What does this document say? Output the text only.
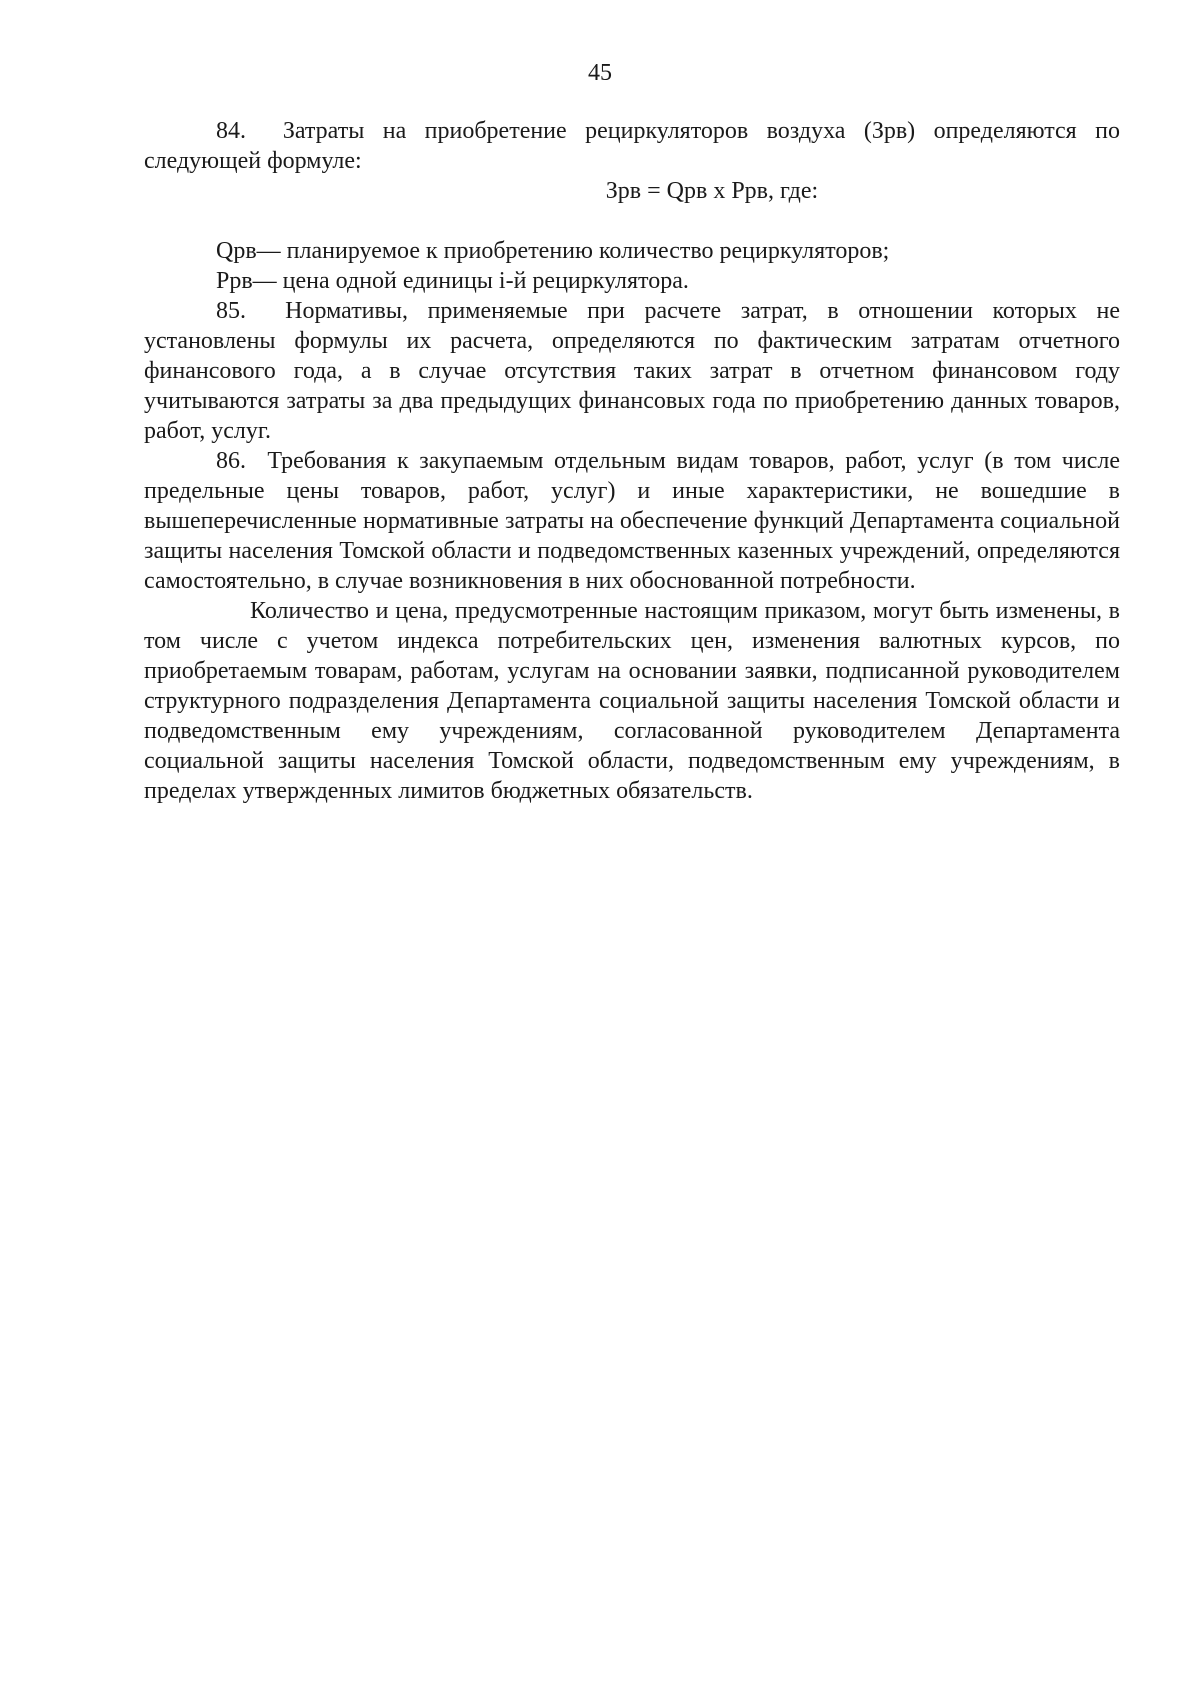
45

84.  Затраты на приобретение рециркуляторов воздуха (Зрв) определяются по следующей формуле:

Зрв = Qрв х Ррв, где:

Qрв— планируемое к приобретению количество рециркуляторов;
Ррв— цена одной единицы i-й рециркулятора.

85.  Нормативы, применяемые при расчете затрат, в отношении которых не установлены формулы их расчета, определяются по фактическим затратам отчетного финансового года, а в случае отсутствия таких затрат в отчетном финансовом году учитываются затраты за два предыдущих финансовых года по приобретению данных товаров, работ, услуг.

86.  Требования к закупаемым отдельным видам товаров, работ, услуг (в том числе предельные цены товаров, работ, услуг) и иные характеристики, не вошедшие в вышеперечисленные нормативные затраты на обеспечение функций Департамента социальной защиты населения Томской области и подведомственных казенных учреждений, определяются самостоятельно, в случае возникновения в них обоснованной потребности.

Количество и цена, предусмотренные настоящим приказом, могут быть изменены, в том числе с учетом индекса потребительских цен, изменения валютных курсов, по приобретаемым товарам, работам, услугам на основании заявки, подписанной руководителем структурного подразделения Департамента социальной защиты населения Томской области и подведомственным ему учреждениям, согласованной руководителем Департамента социальной защиты населения Томской области, подведомственным ему учреждениям, в пределах утвержденных лимитов бюджетных обязательств.
